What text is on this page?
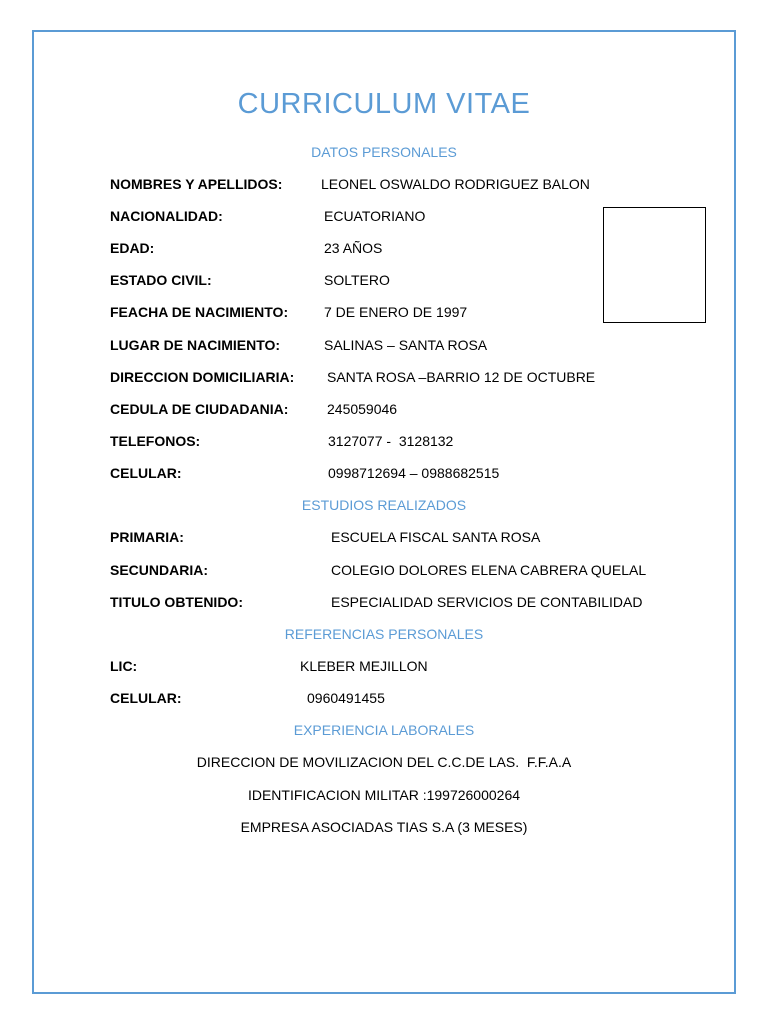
CURRICULUM VITAE
DATOS PERSONALES
NOMBRES Y APELLIDOS:	LEONEL OSWALDO RODRIGUEZ BALON
NACIONALIDAD:	ECUATORIANO
EDAD:	23 AÑOS
ESTADO CIVIL:	SOLTERO
FEACHA DE NACIMIENTO:	7 DE ENERO DE 1997
LUGAR DE NACIMIENTO:	SALINAS – SANTA ROSA
DIRECCION DOMICILIARIA: SANTA ROSA –BARRIO 12 DE OCTUBRE
CEDULA DE CIUDADANIA:	245059046
TELEFONOS:	3127077 -  3128132
CELULAR:	0998712694 – 0988682515
ESTUDIOS REALIZADOS
PRIMARIA:	ESCUELA FISCAL SANTA ROSA
SECUNDARIA:	COLEGIO DOLORES ELENA CABRERA QUELAL
TITULO OBTENIDO:	ESPECIALIDAD SERVICIOS DE CONTABILIDAD
REFERENCIAS PERSONALES
LIC:	KLEBER MEJILLON
CELULAR:	0960491455
EXPERIENCIA LABORALES
DIRECCION DE MOVILIZACION DEL C.C.DE LAS.  F.F.A.A
IDENTIFICACION MILITAR :199726000264
EMPRESA ASOCIADAS TIAS S.A (3 MESES)
